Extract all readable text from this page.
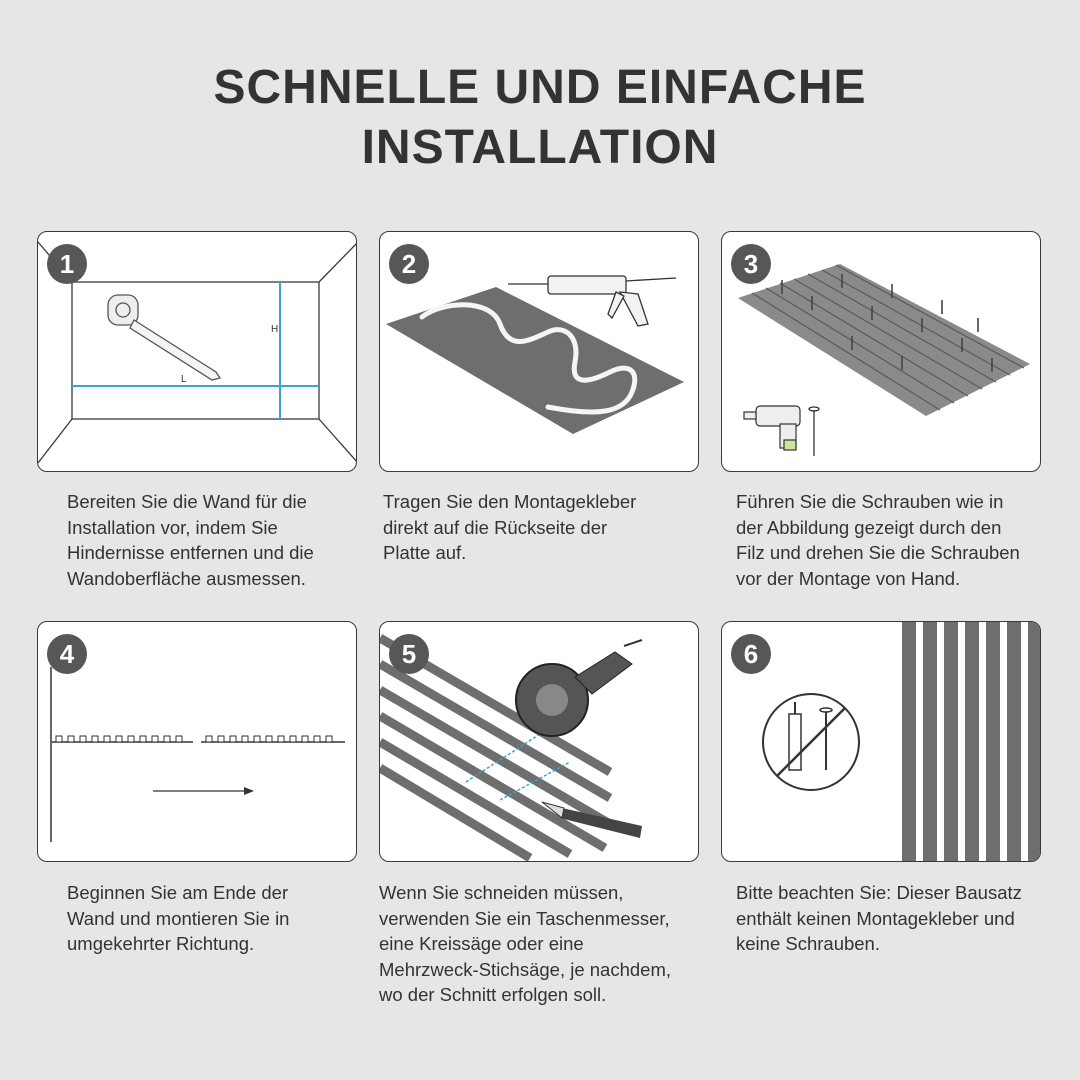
SCHNELLE UND EINFACHE
INSTALLATION
1
H
L
Bereiten Sie die Wand für die
Installation vor, indem Sie
Hindernisse entfernen und die
Wandoberfläche ausmessen.
2
Tragen Sie den Montagekleber
direkt auf die Rückseite der
Platte auf.
3
Führen Sie die Schrauben wie in
der Abbildung gezeigt durch den
Filz und drehen Sie die Schrauben
vor der Montage von Hand.
4
Beginnen Sie am Ende der
Wand und montieren Sie in
umgekehrter Richtung.
5
Wenn Sie schneiden müssen,
verwenden Sie ein Taschenmesser,
eine Kreissäge oder eine
Mehrzweck-Stichsäge, je nachdem,
wo der Schnitt erfolgen soll.
6
Bitte beachten Sie: Dieser Bausatz
enthält keinen Montagekleber und
keine Schrauben.
